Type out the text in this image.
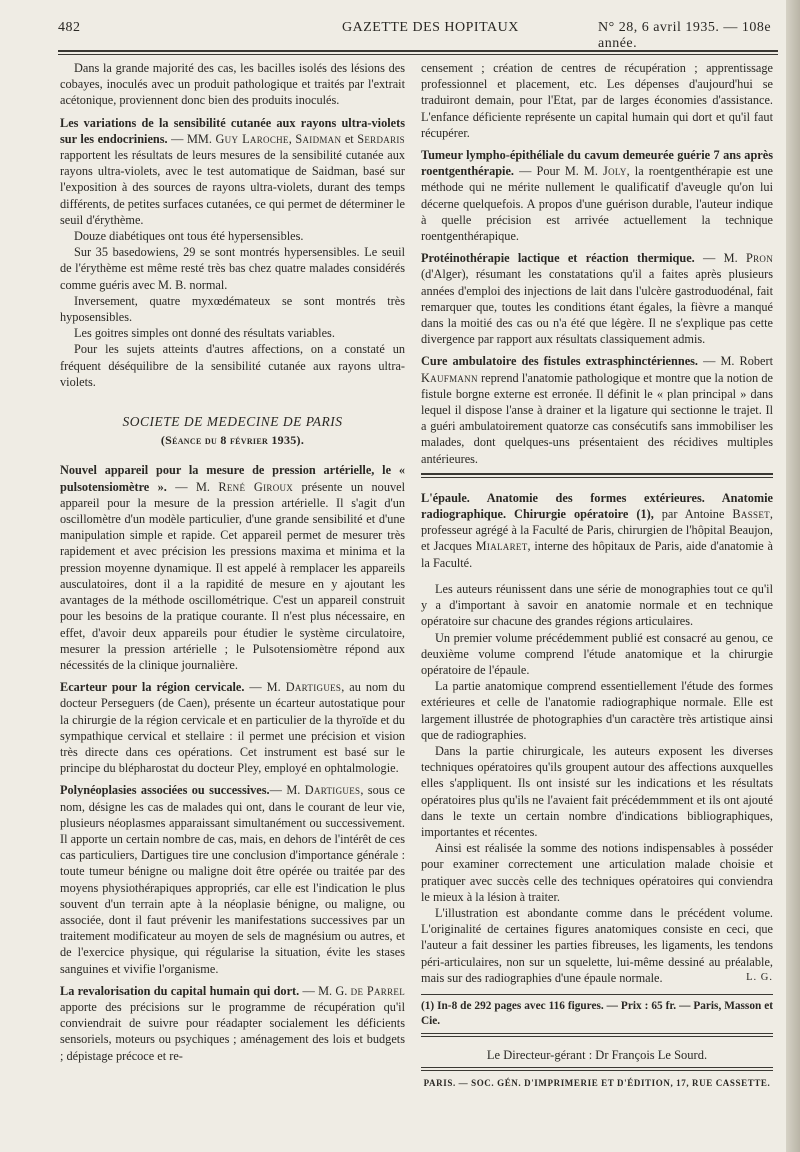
482	GAZETTE DES HOPITAUX	N° 28, 6 avril 1935. — 108e année.

Dans la grande majorité des cas, les bacilles isolés des lésions des cobayes, inoculés avec un produit pathologique et traités par l'extrait acétonique, proviennent donc bien des produits inoculés.

Les variations de la sensibilité cutanée aux rayons ultra-violets sur les endocriniens. — MM. Guy Laroche, Saidman et Serdaris rapportent les résultats de leurs mesures de la sensibilité cutanée aux rayons ultra-violets, avec le test automatique de Saidman, basé sur l'exposition à des sources de rayons ultra-violets, durant des temps différents, de petites surfaces cutanées, ce qui permet de déterminer le seuil d'érythème.

Douze diabétiques ont tous été hypersensibles.

Sur 35 basedowiens, 29 se sont montrés hypersensibles. Le seuil de l'érythème est même resté très bas chez quatre malades considérés comme guéris avec M. B. normal.

Inversement, quatre myxœdémateux se sont montrés très hyposensibles.

Les goitres simples ont donné des résultats variables.

Pour les sujets atteints d'autres affections, on a constaté un fréquent déséquilibre de la sensibilité cutanée aux rayons ultra-violets.

SOCIETE DE MEDECINE DE PARIS
(Séance du 8 février 1935).

Nouvel appareil pour la mesure de pression artérielle, le « pulsotensiomètre ». — M. René Giroux présente un nouvel appareil pour la mesure de la pression artérielle. Il s'agit d'un oscillomètre d'un modèle particulier, d'une grande sensibilité et d'une manipulation simple et rapide. Cet appareil permet de mesurer très rapidement et avec précision les pressions maxima et minima et la pression moyenne dynamique. Il est appelé à remplacer les appareils ausculatoires, dont il a la rapidité de mesure en y ajoutant les avantages de la méthode oscillométrique. C'est un appareil construit pour les besoins de la pratique courante. Il n'est plus nécessaire, en effet, d'avoir deux appareils pour étudier le système circulatoire, mesurer la pression artérielle ; le Pulsotensiomètre répond aux nécessités de la clinique journalière.

Ecarteur pour la région cervicale. — M. Dartigues, au nom du docteur Perseguers (de Caen), présente un écarteur autostatique pour la chirurgie de la région cervicale et en particulier de la thyroïde et du sympathique cervical et stellaire : il permet une précision et vision très directe dans ces opérations. Cet instrument est basé sur le principe du blépharostat du docteur Pley, employé en ophtalmologie.

Polynéoplasies associées ou successives.— M. Dartigues, sous ce nom, désigne les cas de malades qui ont, dans le courant de leur vie, plusieurs néoplasmes apparaissant simultanément ou successivement. Il apporte un certain nombre de cas, mais, en dehors de l'intérêt de ces cas particuliers, Dartigues tire une conclusion d'importance générale : toute tumeur bénigne ou maligne doit être opérée ou traitée par des moyens physiothérapiques appropriés, car elle est l'indication le plus souvent d'un terrain apte à la néoplasie bénigne, ou maligne, ou associée, dont il faut prévenir les manifestations successives par un traitement modificateur au moyen de sels de magnésium ou autres, et de l'exercice physique, qui régularise la situation, évite les stases sanguines et vivifie l'organisme.

La revalorisation du capital humain qui dort. — M. G. de Parrel apporte des précisions sur le programme de récupération qu'il conviendrait de suivre pour réadapter socialement les déficients sensoriels, moteurs ou psychiques ; aménagement des lois et budgets ; dépistage précoce et re-

censement ; création de centres de récupération ; apprentissage professionnel et placement, etc. Les dépenses d'aujourd'hui se traduiront demain, pour l'Etat, par de larges économies d'assistance. L'enfance déficiente représente un capital humain qui dort et qu'il faut récupérer.

Tumeur lympho-épithéliale du cavum demeurée guérie 7 ans après roentgenthérapie. — Pour M. M. Joly, la roentgenthérapie est une méthode qui ne mérite nullement le qualificatif d'aveugle qu'on lui décerne quelquefois. A propos d'une guérison durable, l'auteur indique à quelle précision est arrivée actuellement la technique roentgenthérapique.

Protéinothérapie lactique et réaction thermique. — M. Pron (d'Alger), résumant les constatations qu'il a faites après plusieurs années d'emploi des injections de lait dans l'ulcère gastroduodénal, fait remarquer que, toutes les conditions étant égales, la fièvre a manqué dans la moitié des cas ou n'a été que légère. Il ne s'explique pas cette divergence par rapport aux résultats classiquement admis.

Cure ambulatoire des fistules extrasphinctériennes. — M. Robert Kaufmann reprend l'anatomie pathologique et montre que la notion de fistule borgne externe est erronée. Il définit le « plan principal » dans lequel il dispose l'anse à drainer et la ligature qui sectionne le trajet. Il a guéri ambulatoirement quatorze cas consécutifs sans immobiliser les malades, dont quelques-uns présentaient des récidives multiples antérieures.

L'épaule. Anatomie des formes extérieures. Anatomie radiographique. Chirurgie opératoire (1), par Antoine Basset, professeur agrégé à la Faculté de Paris, chirurgien de l'hôpital Beaujon, et Jacques Mialaret, interne des hôpitaux de Paris, aide d'anatomie à la Faculté.

Les auteurs réunissent dans une série de monographies tout ce qu'il y a d'important à savoir en anatomie normale et en technique opératoire sur chacune des grandes régions articulaires.

Un premier volume précédemment publié est consacré au genou, ce deuxième volume comprend l'étude anatomique et la chirurgie opératoire de l'épaule.

La partie anatomique comprend essentiellement l'étude des formes extérieures et celle de l'anatomie radiographique normale. Elle est largement illustrée de photographies d'un caractère très artistique ainsi que de radiographies.

Dans la partie chirurgicale, les auteurs exposent les diverses techniques opératoires qu'ils groupent autour des affections auxquelles elles s'appliquent. Ils ont insisté sur les indications et les résultats opératoires plus qu'ils ne l'avaient fait précédemmment et ils ont ajouté dans le texte un certain nombre d'indications bibliographiques, importantes et récentes.

Ainsi est réalisée la somme des notions indispensables à posséder pour examiner correctement une articulation malade choisie et pratiquer avec succès celle des techniques opératoires qui conviendra le mieux à la lésion à traiter.

L'illustration est abondante comme dans le précédent volume. L'originalité de certaines figures anatomiques consiste en ceci, que l'auteur a fait dessiner les parties fibreuses, les ligaments, les tendons péri-articulaires, non sur un squelette, lui-même dessiné au préalable, mais sur des radiographies d'une épaule normale.	L. G.

(1) In-8 de 292 pages avec 116 figures. — Prix : 65 fr. — Paris, Masson et Cie.

Le Directeur-gérant : Dr François Le Sourd.
PARIS. — SOC. GÉN. D'IMPRIMERIE ET D'ÉDITION, 17, RUE CASSETTE.
